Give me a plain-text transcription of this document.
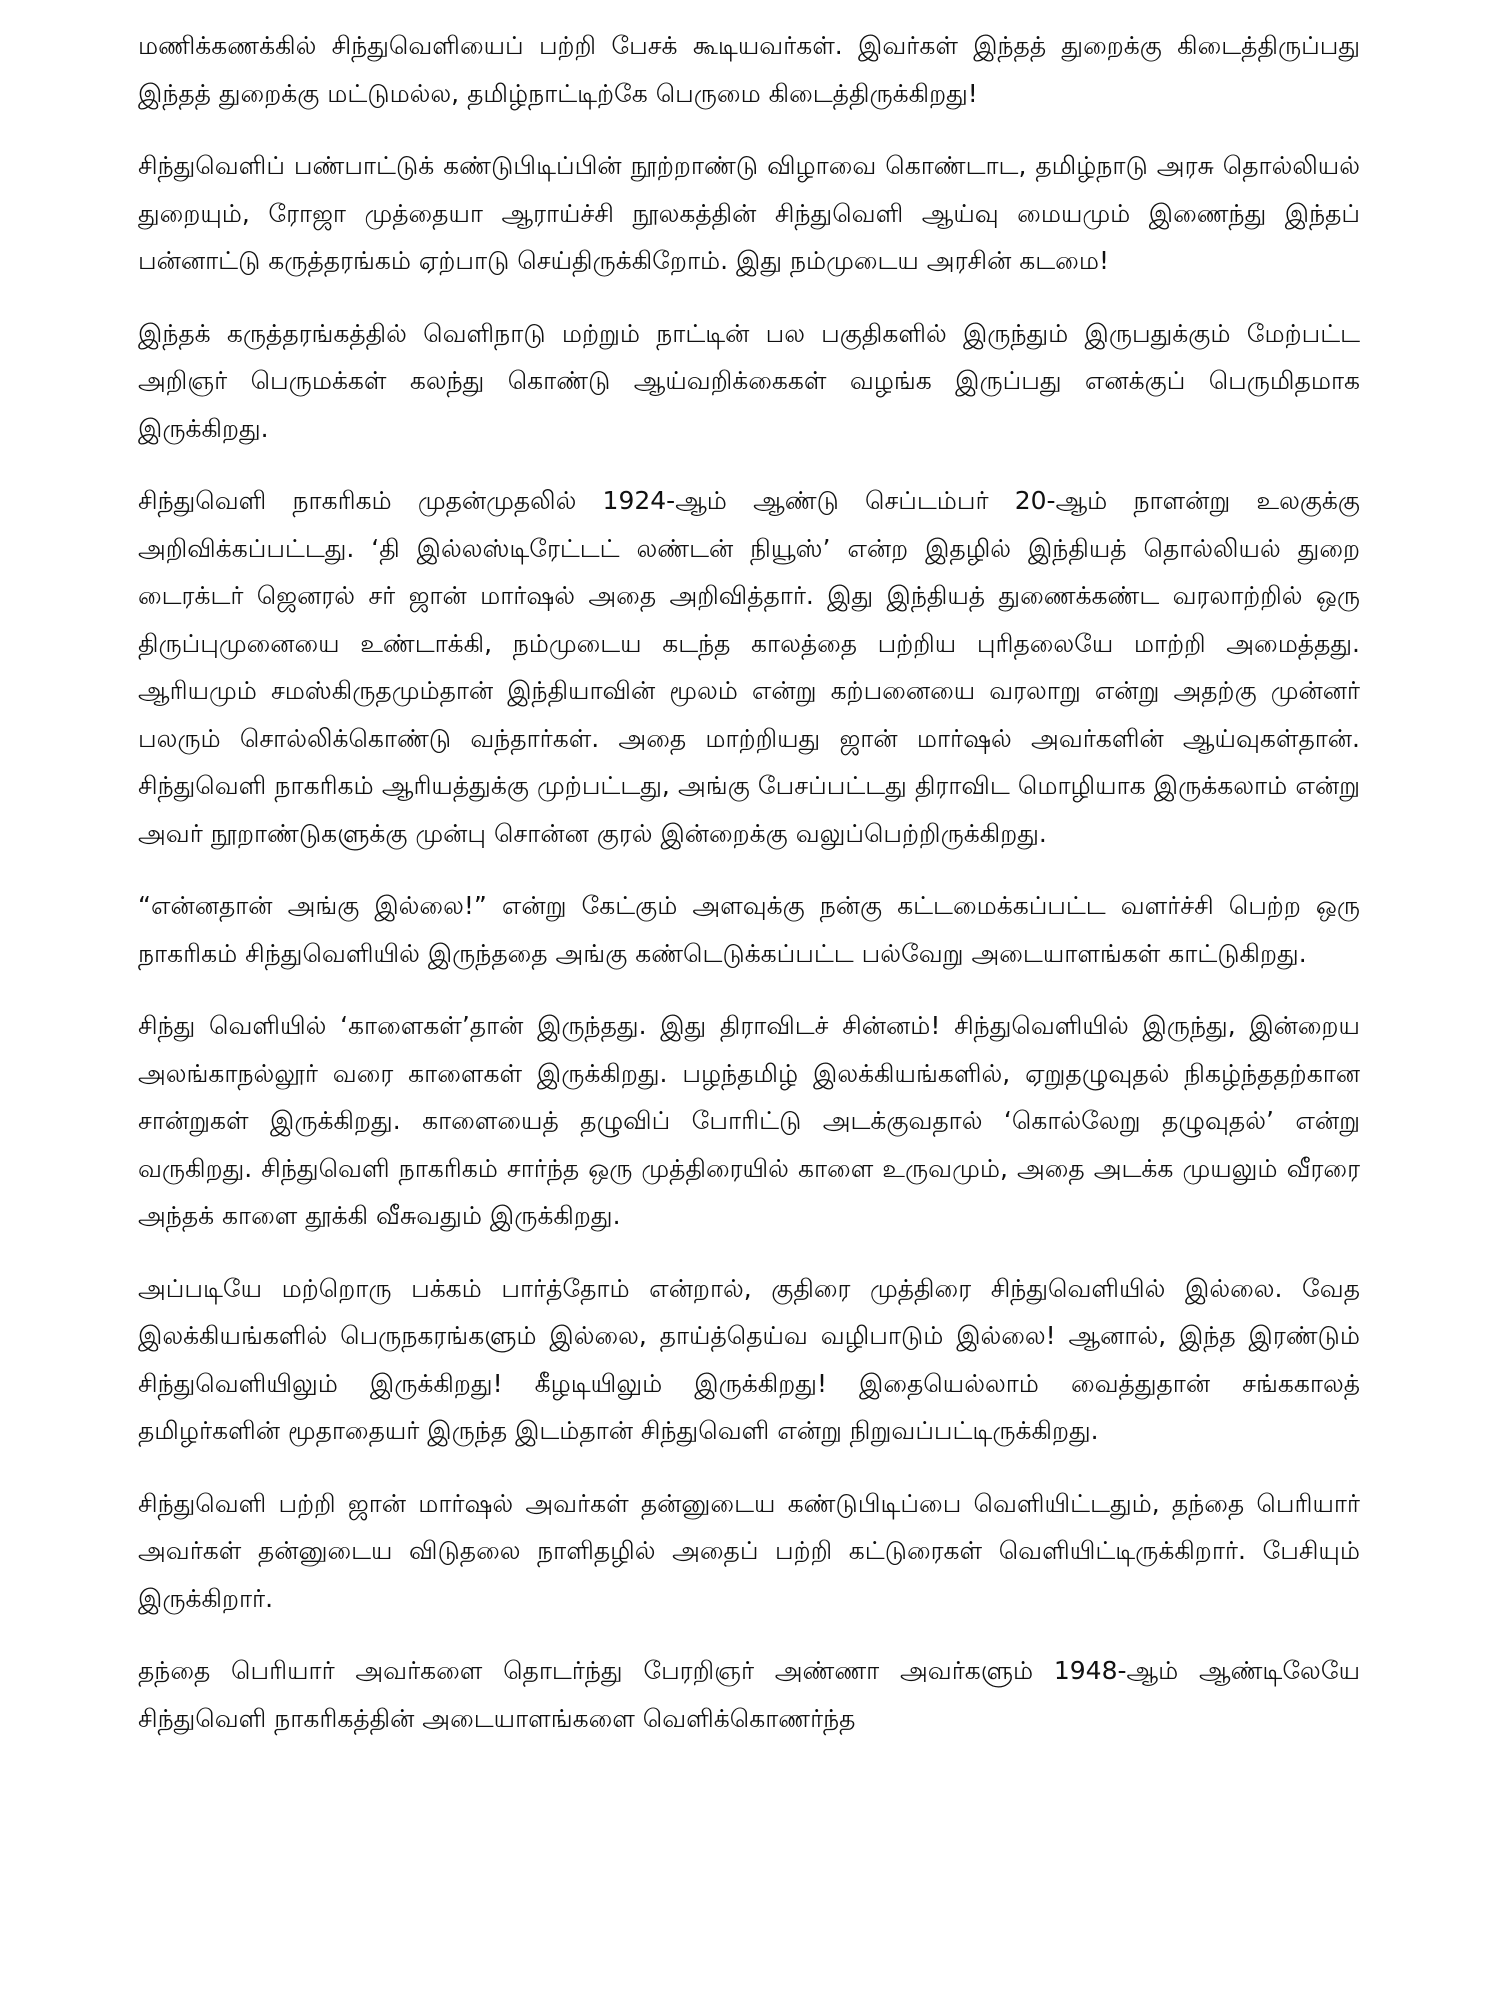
மணிக்கணக்கில் சிந்துவெளியைப் பற்றி பேசக் கூடியவர்கள். இவர்கள் இந்தத் துறைக்கு கிடைத்திருப்பது இந்தத் துறைக்கு மட்டுமல்ல, தமிழ்நாட்டிற்கே பெருமை கிடைத்திருக்கிறது!

சிந்துவெளிப் பண்பாட்டுக் கண்டுபிடிப்பின் நூற்றாண்டு விழாவை கொண்டாட, தமிழ்நாடு அரசு தொல்லியல் துறையும், ரோஜா முத்தையா ஆராய்ச்சி நூலகத்தின் சிந்துவெளி ஆய்வு மையமும் இணைந்து இந்தப் பன்னாட்டு கருத்தரங்கம் ஏற்பாடு செய்திருக்கிறோம். இது நம்முடைய அரசின் கடமை!

இந்தக் கருத்தரங்கத்தில் வெளிநாடு மற்றும் நாட்டின் பல பகுதிகளில் இருந்தும் இருபதுக்கும் மேற்பட்ட அறிஞர் பெருமக்கள் கலந்து கொண்டு ஆய்வறிக்கைகள் வழங்க இருப்பது எனக்குப் பெருமிதமாக இருக்கிறது.

சிந்துவெளி நாகரிகம் முதன்முதலில் 1924-ஆம் ஆண்டு செப்டம்பர் 20-ஆம் நாளன்று உலகுக்கு அறிவிக்கப்பட்டது. ‘தி இல்லஸ்டிரேட்டட் லண்டன் நியூஸ்’ என்ற இதழில் இந்தியத் தொல்லியல் துறை டைரக்டர் ஜெனரல் சர் ஜான் மார்ஷல் அதை அறிவித்தார். இது இந்தியத் துணைக்கண்ட வரலாற்றில் ஒரு திருப்புமுனையை உண்டாக்கி, நம்முடைய கடந்த காலத்தை பற்றிய புரிதலையே மாற்றி அமைத்தது. ஆரியமும் சமஸ்கிருதமும்தான் இந்தியாவின் மூலம் என்று கற்பனையை வரலாறு என்று அதற்கு முன்னர் பலரும் சொல்லிக்கொண்டு வந்தார்கள். அதை மாற்றியது ஜான் மார்ஷல் அவர்களின் ஆய்வுகள்தான். சிந்துவெளி நாகரிகம் ஆரியத்துக்கு முற்பட்டது, அங்கு பேசப்பட்டது திராவிட மொழியாக இருக்கலாம் என்று அவர் நூறாண்டுகளுக்கு முன்பு சொன்ன குரல் இன்றைக்கு வலுப்பெற்றிருக்கிறது.

“என்னதான் அங்கு இல்லை!” என்று கேட்கும் அளவுக்கு நன்கு கட்டமைக்கப்பட்ட வளர்ச்சி பெற்ற ஒரு நாகரிகம் சிந்துவெளியில் இருந்ததை அங்கு கண்டெடுக்கப்பட்ட பல்வேறு அடையாளங்கள் காட்டுகிறது.

சிந்து வெளியில் ‘காளைகள்’தான் இருந்தது. இது திராவிடச் சின்னம்! சிந்துவெளியில் இருந்து, இன்றைய அலங்காநல்லூர் வரை காளைகள் இருக்கிறது. பழந்தமிழ் இலக்கியங்களில், ஏறுதழுவுதல் நிகழ்ந்ததற்கான சான்றுகள் இருக்கிறது. காளையைத் தழுவிப் போரிட்டு அடக்குவதால் ‘கொல்லேறு தழுவுதல்’ என்று வருகிறது. சிந்துவெளி நாகரிகம் சார்ந்த ஒரு முத்திரையில் காளை உருவமும், அதை அடக்க முயலும் வீரரை அந்தக் காளை தூக்கி வீசுவதும் இருக்கிறது.

அப்படியே மற்றொரு பக்கம் பார்த்தோம் என்றால், குதிரை முத்திரை சிந்துவெளியில் இல்லை. வேத இலக்கியங்களில் பெருநகரங்களும் இல்லை, தாய்த்தெய்வ வழிபாடும் இல்லை! ஆனால், இந்த இரண்டும் சிந்துவெளியிலும் இருக்கிறது! கீழடியிலும் இருக்கிறது! இதையெல்லாம் வைத்துதான் சங்ககாலத் தமிழர்களின் மூதாதையர் இருந்த இடம்தான் சிந்துவெளி என்று நிறுவப்பட்டிருக்கிறது.

சிந்துவெளி பற்றி ஜான் மார்ஷல் அவர்கள் தன்னுடைய கண்டுபிடிப்பை வெளியிட்டதும், தந்தை பெரியார் அவர்கள் தன்னுடைய விடுதலை நாளிதழில் அதைப் பற்றி கட்டுரைகள் வெளியிட்டிருக்கிறார். பேசியும் இருக்கிறார்.

தந்தை பெரியார் அவர்களை தொடர்ந்து பேரறிஞர் அண்ணா அவர்களும் 1948-ஆம் ஆண்டிலேயே சிந்துவெளி நாகரிகத்தின் அடையாளங்களை வெளிக்கொணர்ந்த
